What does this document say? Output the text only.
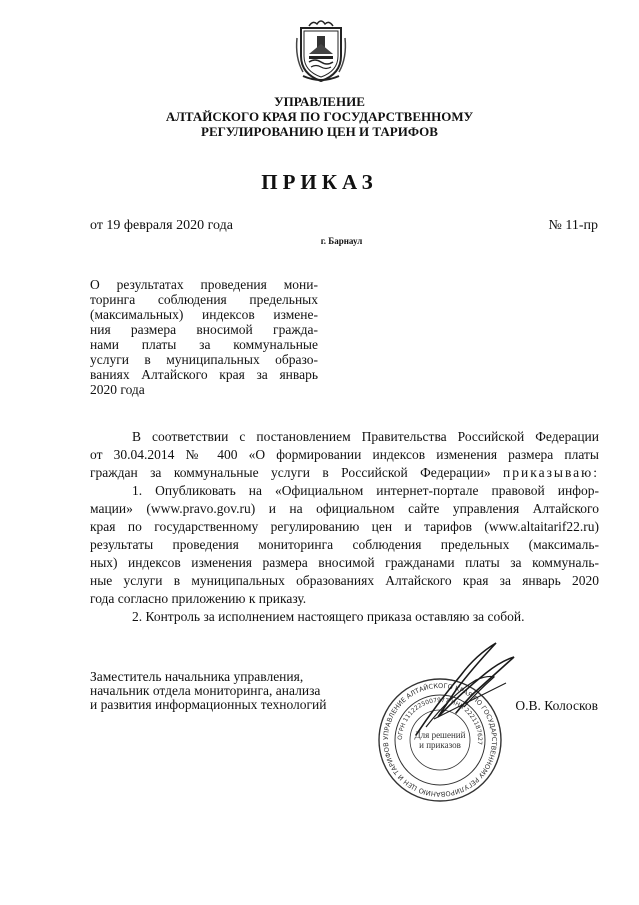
УПРАВЛЕНИЕ
АЛТАЙСКОГО КРАЯ ПО ГОСУДАРСТВЕННОМУ
РЕГУЛИРОВАНИЮ ЦЕН И ТАРИФОВ
ПРИКАЗ
от 19 февраля 2020 года	№ 11-пр
г. Барнаул
О результатах проведения мони-
торинга соблюдения предельных
(максимальных) индексов измене-
ния размера вносимой гражда-
нами платы за коммунальные
услуги в муниципальных образо-
ваниях Алтайского края за январь
2020 года
В соответствии с постановлением Правительства Российской Федерации
от 30.04.2014 № 400 «О формировании индексов изменения размера платы
граждан за коммунальные услуги в Российской Федерации» приказываю:
1. Опубликовать на «Официальном интернет-портале правовой инфор-
мации» (www.pravo.gov.ru) и на официальном сайте управления Алтайского
края по государственному регулированию цен и тарифов (www.altaitarif22.ru)
результаты проведения мониторинга соблюдения предельных (максималь-
ных) индексов изменения размера вносимой гражданами платы за коммуналь-
ные услуги в муниципальных образованиях Алтайского края за январь 2020
года согласно приложению к приказу.
2. Контроль за исполнением настоящего приказа оставляю за собой.
Заместитель начальника управления,
начальник отдела мониторинга, анализа
и развития информационных технологий	О.В. Колосков
УПРАВЛЕНИЕ АЛТАЙСКОГО КРАЯ ПО ГОСУДАРСТВЕННОМУ РЕГУЛИРОВАНИЮ ЦЕН И ТАРИФОВ
ОГРН 1112225007977 ИНН 2221187627
Для решений
и приказов
